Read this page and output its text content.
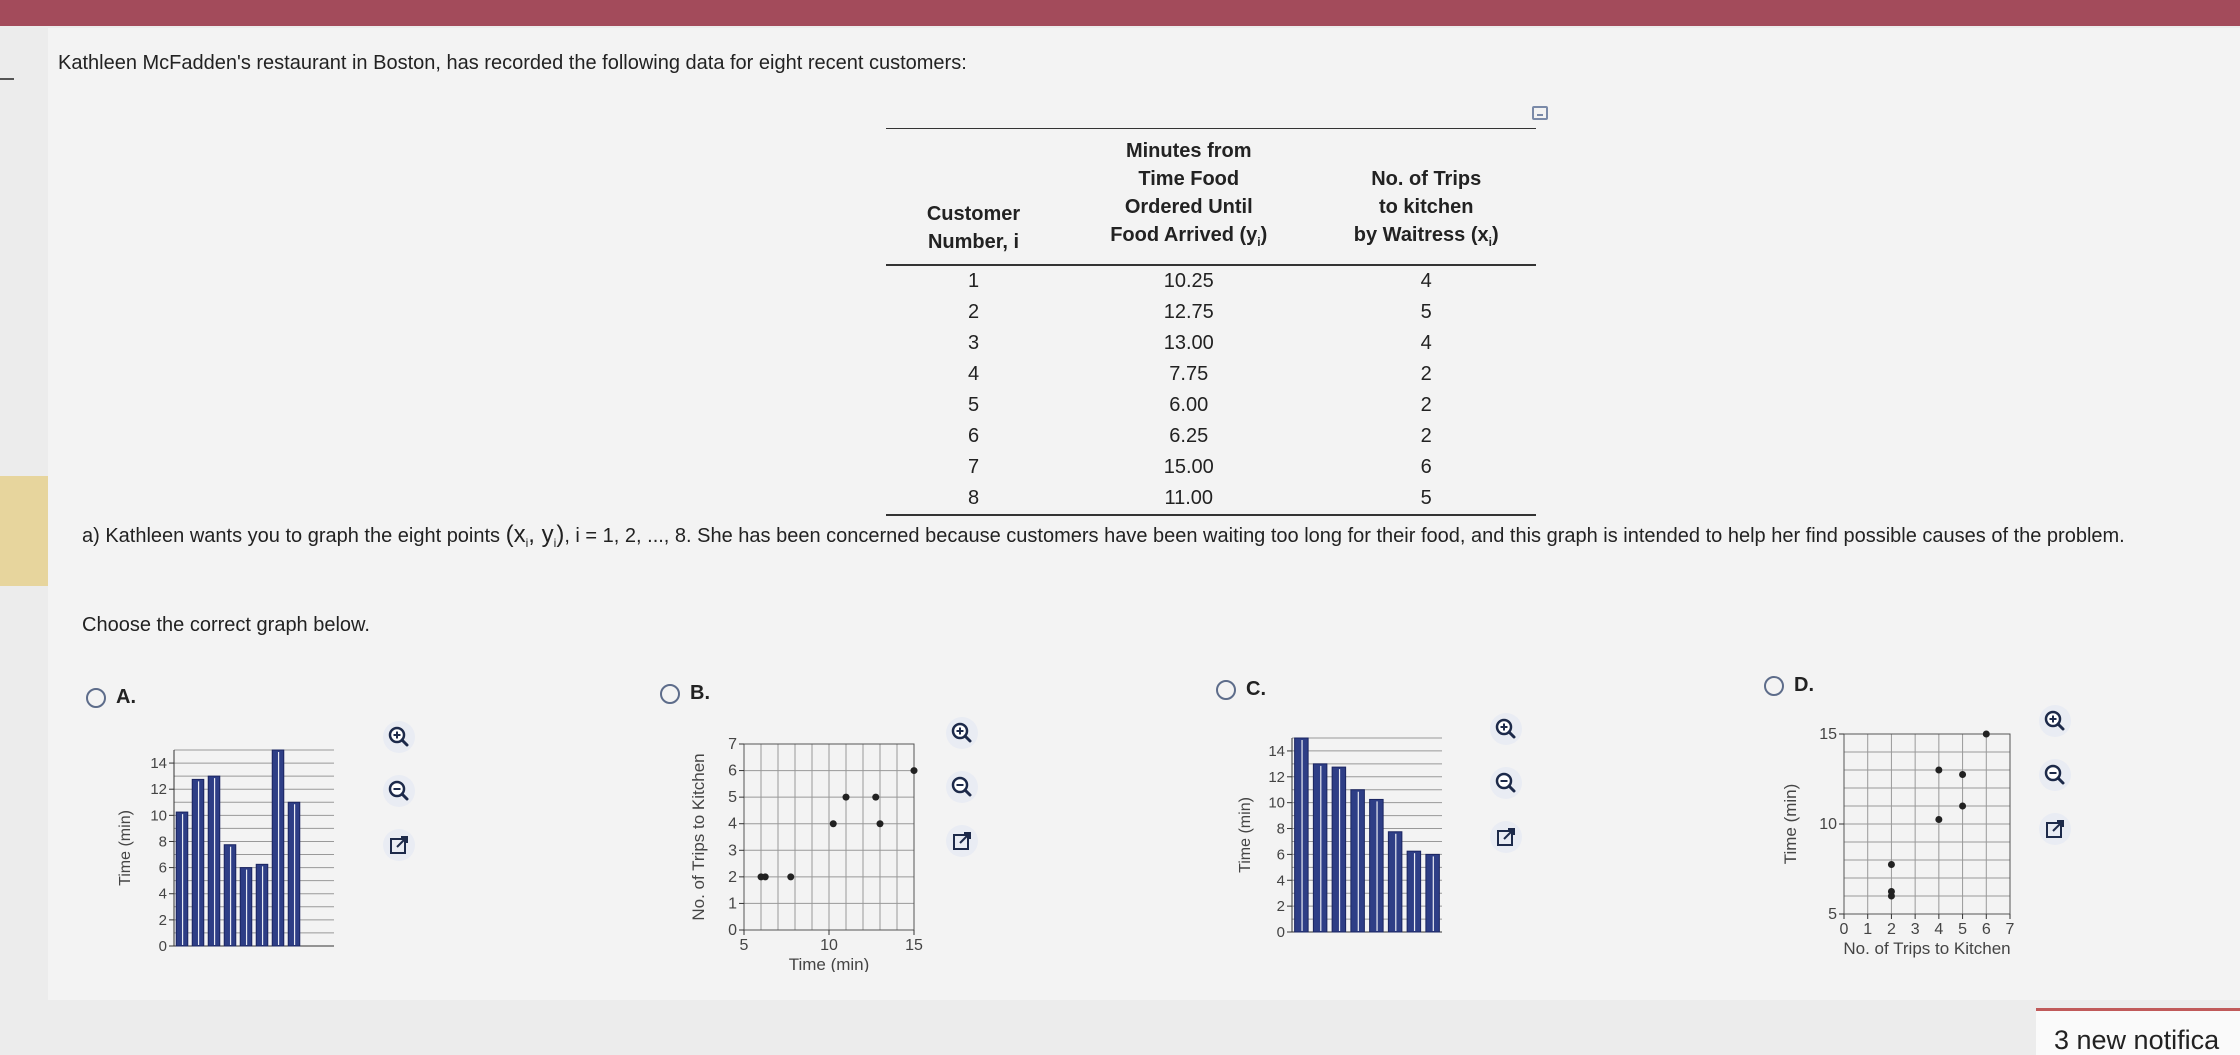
Kathleen McFadden's restaurant in Boston, has recorded the following data for eight recent customers:
Customer
Number, i	Minutes from
Time Food
Ordered Until
Food Arrived $(y_i)$	No. of Trips
to kitchen
by Waitress $(x_i)$
1	10.25	4
2	12.75	5
3	13.00	4
4	7.75	2
5	6.00	2
6	6.25	2
7	15.00	6
8	11.00	5
a) Kathleen wants you to graph the eight points ($x_i$, $y_i$), i = 1, 2, ..., 8. She has been concerned because customers have been waiting too long for their food, and this graph is intended to help her find possible causes of the problem.
Choose the correct graph below.
A.	B.	C.	D.
0
2
4
6
8
10
12
14
Time (min)
5	10	15
0
1
2
3
4
5
6
7
Time (min)
No. of Trips to Kitchen
0
2
4
6
8
10
12
14
Time (min)
0 1 2 3 4 5 6 7
5
10
15
No. of Trips to Kitchen
Time (min)
3 new notifica
